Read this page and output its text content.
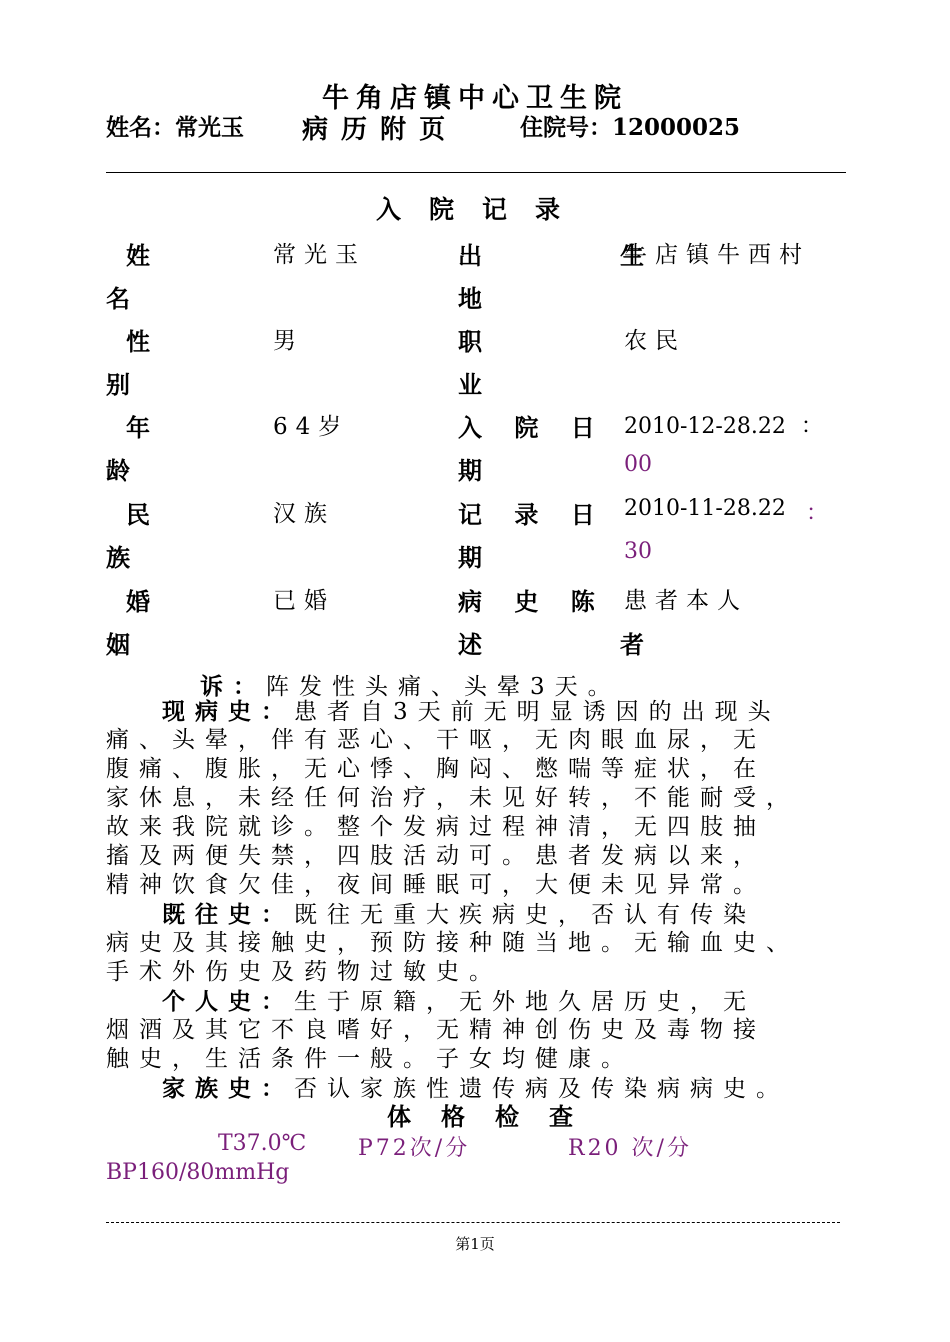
牛角店镇中心卫生院
姓名：常光玉 病 历 附 页	住院号：12000025
入院记录
姓
名
常光玉
性
别
男
年
龄
64岁
民
族
汉族
婚
姻
已婚
出　　生
地
牛店镇牛西村
职
业
农民
入 院 日
期
2010-12-28.22 ：
00
记 录 日
期
2010-11-28.22 ：
30
病 史 陈
述　　者
患者本人
诉：阵发性头痛、头晕3天。
现病史：患者自3天前无明显诱因的出现头
痛、头晕，伴有恶心、干呕，无肉眼血尿，无
腹痛、腹胀，无心悸、胸闷、憋喘等症状，在
家休息，未经任何治疗，未见好转，不能耐受，
故来我院就诊。整个发病过程神清，无四肢抽
搐及两便失禁，四肢活动可。患者发病以来，
精神饮食欠佳，夜间睡眠可，大便未见异常。
既往史：既往无重大疾病史，否认有传染
病史及其接触史，预防接种随当地。无输血史、
手术外伤史及药物过敏史。
个人史：生于原籍，无外地久居历史，无
烟酒及其它不良嗜好，无精神创伤史及毒物接
触史，生活条件一般。子女均健康。
家族史：否认家族性遗传病及传染病病史。
体格检查
T37.0℃ P72次/分	R20 次/分
BP160/80mmHg
第1页
